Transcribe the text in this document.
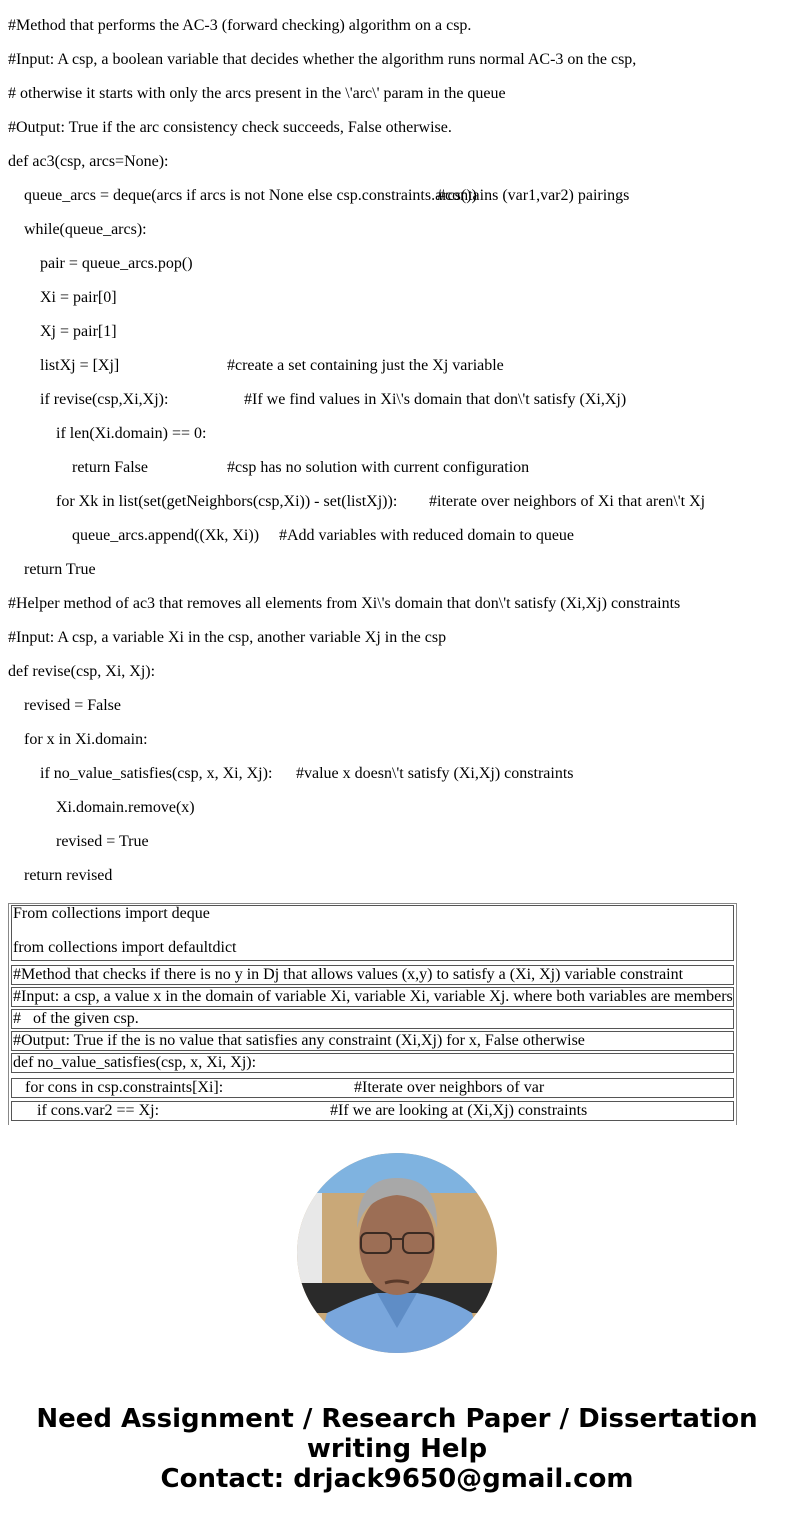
#Method that performs the AC-3 (forward checking) algorithm on a csp.
#Input: A csp, a boolean variable that decides whether the algorithm runs normal AC-3 on the csp,
# otherwise it starts with only the arcs present in the \'arc\' param in the queue
#Output: True if the arc consistency check succeeds, False otherwise.
def ac3(csp, arcs=None):
queue_arcs = deque(arcs if arcs is not None else csp.constraints.arcs())
#contains (var1,var2) pairings
while(queue_arcs):
pair = queue_arcs.pop()
Xi = pair[0]
Xj = pair[1]
listXj = [Xj]	#create a set containing just the Xj variable
if revise(csp,Xi,Xj):	#If we find values in Xi\'s domain that don\'t satisfy (Xi,Xj)
if len(Xi.domain) == 0:
return False	#csp has no solution with current configuration
for Xk in list(set(getNeighbors(csp,Xi)) - set(listXj)): #iterate over neighbors of Xi that aren\'t Xj
queue_arcs.append((Xk, Xi)) #Add variables with reduced domain to queue
return True
#Helper method of ac3 that removes all elements from Xi\'s domain that don\'t satisfy (Xi,Xj) constraints
#Input: A csp, a variable Xi in the csp, another variable Xj in the csp
def revise(csp, Xi, Xj):
revised = False
for x in Xi.domain:
if no_value_satisfies(csp, x, Xi, Xj): #value x doesn\'t satisfy (Xi,Xj) constraints
Xi.domain.remove(x)
revised = True
return revised
From collections import deque
from collections import defaultdict
#Method that checks if there is no y in Dj that allows values (x,y) to satisfy a (Xi, Xj) variable constraint
#Input: a csp, a value x in the domain of variable Xi, variable Xi, variable Xj. where both variables are members
#   of the given csp.
#Output: True if the is no value that satisfies any constraint (Xi,Xj) for x, False otherwise
def no_value_satisfies(csp, x, Xi, Xj):
for cons in csp.constraints[Xi]:	#Iterate over neighbors of var
if cons.var2 == Xj:	#If we are looking at (Xi,Xj) constraints
Need Assignment / Research Paper / Dissertation
writing Help
Contact: drjack9650@gmail.com
